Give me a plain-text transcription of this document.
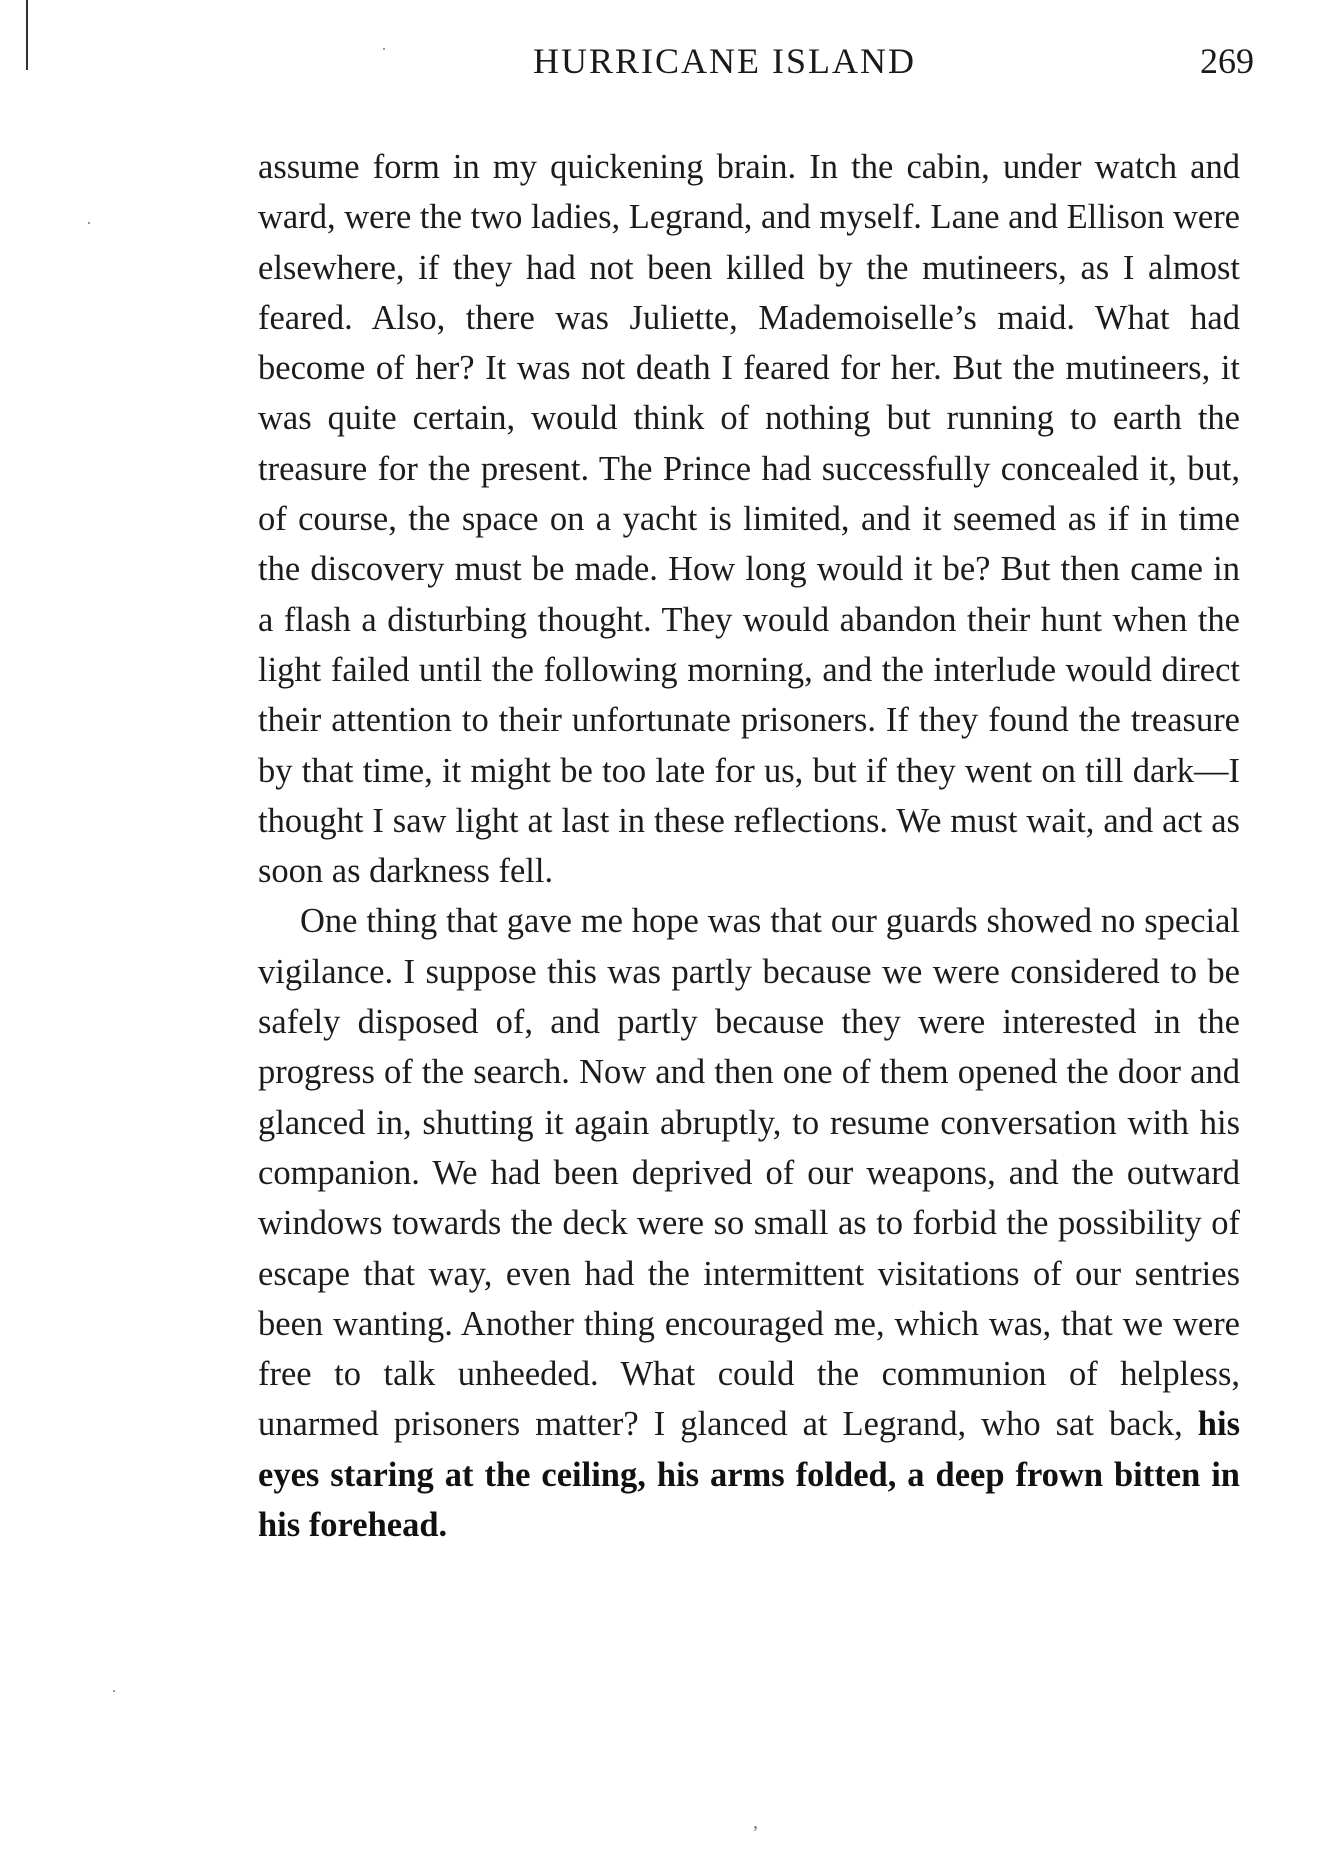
HURRICANE ISLAND	269

assume form in my quickening brain. In the cabin, under watch and ward, were the two ladies, Legrand, and myself. Lane and Ellison were elsewhere, if they had not been killed by the mutineers, as I almost feared. Also, there was Juliette, Mademoiselle’s maid. What had become of her? It was not death I feared for her. But the mutineers, it was quite certain, would think of nothing but running to earth the treasure for the present. The Prince had successfully concealed it, but, of course, the space on a yacht is limited, and it seemed as if in time the discovery must be made. How long would it be? But then came in a flash a disturbing thought. They would abandon their hunt when the light failed until the following morning, and the interlude would direct their attention to their unfortunate prisoners. If they found the treasure by that time, it might be too late for us, but if they went on till dark—I thought I saw light at last in these reflections. We must wait, and act as soon as darkness fell.

One thing that gave me hope was that our guards showed no special vigilance. I suppose this was partly because we were considered to be safely disposed of, and partly because they were interested in the progress of the search. Now and then one of them opened the door and glanced in, shutting it again abruptly, to resume conversation with his companion. We had been deprived of our weapons, and the outward windows towards the deck were so small as to forbid the possibility of escape that way, even had the intermittent visitations of our sentries been wanting. Another thing encouraged me, which was, that we were free to talk unheeded. What could the communion of helpless, unarmed prisoners matter? I glanced at Legrand, who sat back, his eyes staring at the ceiling, his arms folded, a deep frown bitten in his forehead.

’
